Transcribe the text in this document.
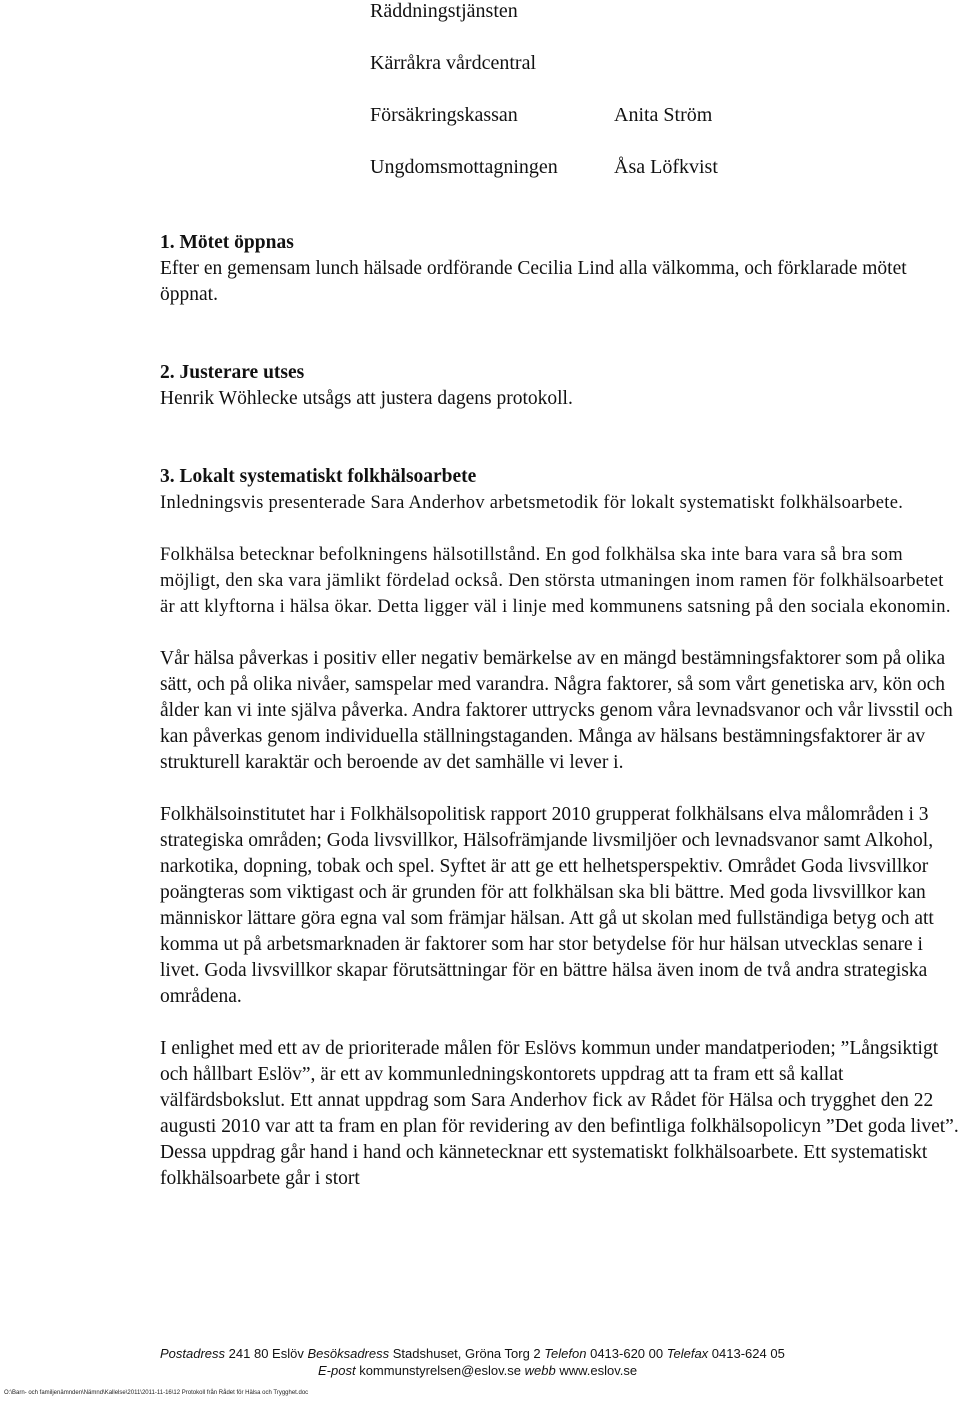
Räddningstjänsten
Kärråkra vårdcentral
Försäkringskassan	Anita Ström
Ungdomsmottagningen	Åsa Löfkvist

1. Mötet öppnas

Efter en gemensam lunch hälsade ordförande Cecilia Lind alla välkomma, och förklarade mötet öppnat.

2. Justerare utses

Henrik Wöhlecke utsågs att justera dagens protokoll.

3. Lokalt systematiskt folkhälsoarbete

Inledningsvis presenterade Sara Anderhov arbetsmetodik för lokalt systematiskt folkhälsoarbete.

Folkhälsa betecknar befolkningens hälsotillstånd. En god folkhälsa ska inte bara vara så bra som möjligt, den ska vara jämlikt fördelad också. Den största utmaningen inom ramen för folkhälsoarbetet är att klyftorna i hälsa ökar. Detta ligger väl i linje med kommunens satsning på den sociala ekonomin.

Vår hälsa påverkas i positiv eller negativ bemärkelse av en mängd bestämningsfaktorer som på olika sätt, och på olika nivåer, samspelar med varandra. Några faktorer, så som vårt genetiska arv, kön och ålder kan vi inte själva påverka. Andra faktorer uttrycks genom våra levnadsvanor och vår livsstil och kan påverkas genom individuella ställningstaganden. Många av hälsans bestämningsfaktorer är av strukturell karaktär och beroende av det samhälle vi lever i.

Folkhälsoinstitutet har i Folkhälsopolitisk rapport 2010 grupperat folkhälsans elva målområden i 3 strategiska områden; Goda livsvillkor, Hälsofrämjande livsmiljöer och levnadsvanor samt Alkohol, narkotika, dopning, tobak och spel. Syftet är att ge ett helhetsperspektiv. Området Goda livsvillkor poängteras som viktigast och är grunden för att folkhälsan ska bli bättre. Med goda livsvillkor kan människor lättare göra egna val som främjar hälsan. Att gå ut skolan med fullständiga betyg och att komma ut på arbetsmarknaden är faktorer som har stor betydelse för hur hälsan utvecklas senare i livet. Goda livsvillkor skapar förutsättningar för en bättre hälsa även inom de två andra strategiska områdena.

I enlighet med ett av de prioriterade målen för Eslövs kommun under mandatperioden; ”Långsiktigt och hållbart Eslöv”, är ett av kommunledningskontorets uppdrag att ta fram ett så kallat välfärdsbokslut. Ett annat uppdrag som Sara Anderhov fick av Rådet för Hälsa och trygghet den 22 augusti 2010 var att ta fram en plan för revidering av den befintliga folkhälsopolicyn ”Det goda livet”. Dessa uppdrag går hand i hand och kännetecknar ett systematiskt folkhälsoarbete. Ett systematiskt folkhälsoarbete går i stort

Postadress 241 80 Eslöv Besöksadress Stadshuset, Gröna Torg 2 Telefon 0413-620 00 Telefax 0413-624 05
E-post kommunstyrelsen@eslov.se webb www.eslov.se
O:\Barn- och familjenämnden\Nämnd\Kallelse\2011\2011-11-16\12 Protokoll från Rådet för Hälsa och Trygghet.doc
